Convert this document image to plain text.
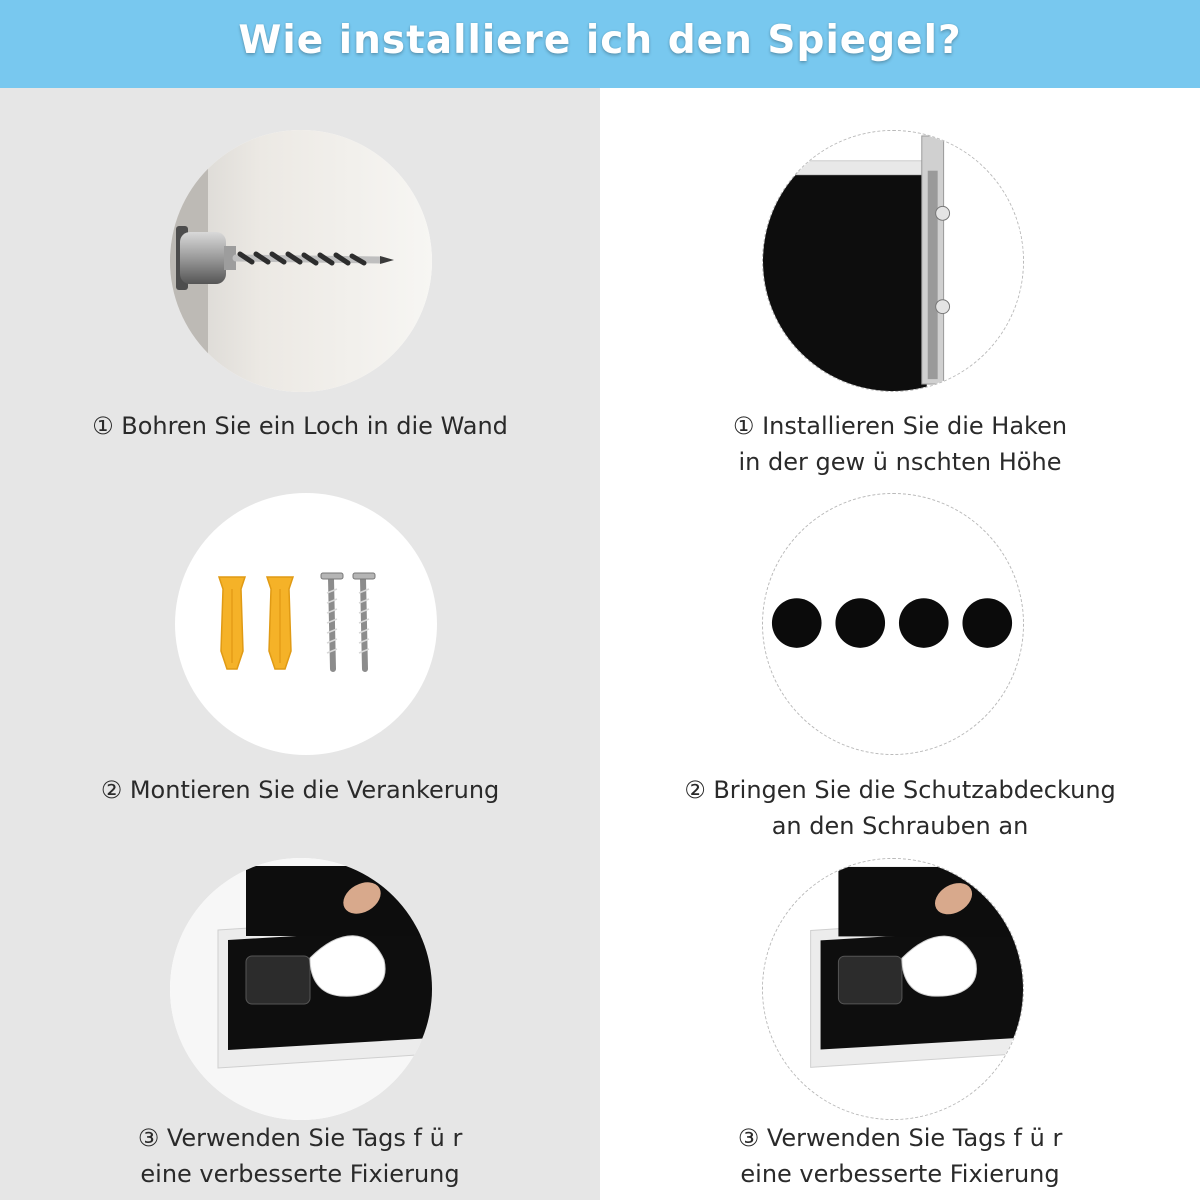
Wie installiere ich den Spiegel?
① Bohren Sie ein Loch in die Wand
② Montieren Sie die Verankerung
③ Verwenden Sie Tags f ü r
eine verbesserte Fixierung
① Installieren Sie die Haken
in der gew ü nschten Höhe
② Bringen Sie die Schutzabdeckung
an den Schrauben an
③ Verwenden Sie Tags f ü r
eine verbesserte Fixierung
